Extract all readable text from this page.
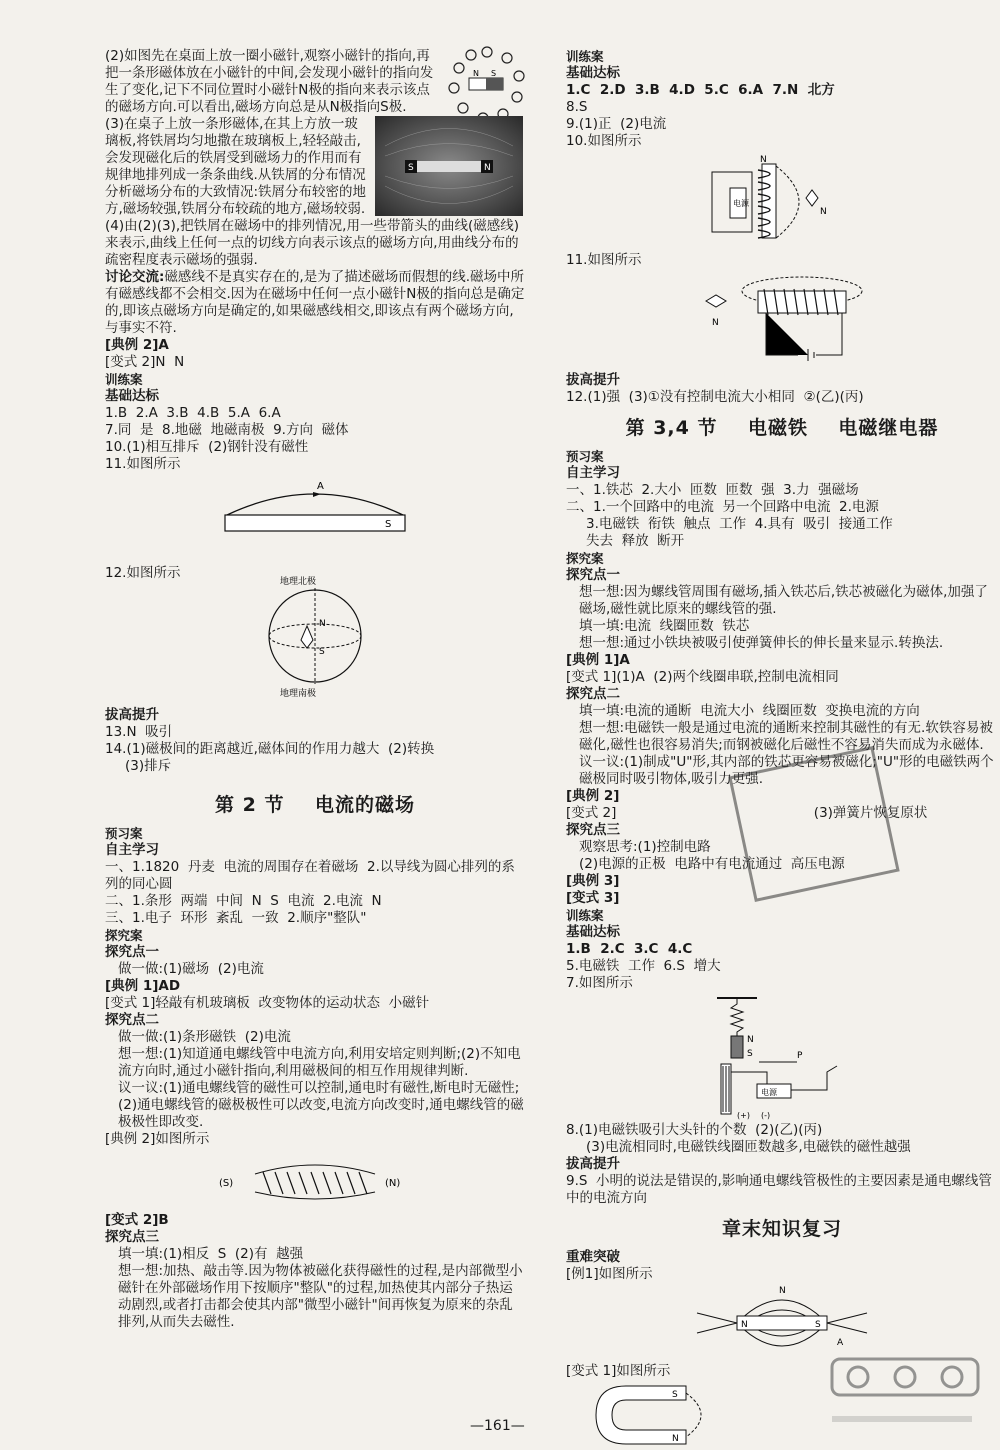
(2)如图先在桌面上放一圈小磁针,观察小磁针的指向,再把一条形磁体放在小磁针的中间,会发现小磁针的指向发生了变化,记下不同位置时小磁针N极的指向来表示该点的磁场方向.可以看出,磁场方向总是从N极指向S极.

N S

(3)在桌子上放一条形磁体,在其上方放一玻璃板,将铁屑均匀地撒在玻璃板上,轻轻敲击,会发现磁化后的铁屑受到磁场力的作用而有规律地排列成一条条曲线.从铁屑的分布情况分析磁场分布的大致情况:铁屑分布较密的地方,磁场较强,铁屑分布较疏的地方,磁场较弱.

S	N

(4)由(2)(3),把铁屑在磁场中的排列情况,用一些带箭头的曲线(磁感线)来表示,曲线上任何一点的切线方向表示该点的磁场方向,用曲线分布的疏密程度表示磁场的强弱.

讨论交流:磁感线不是真实存在的,是为了描述磁场而假想的线.磁场中所有磁感线都不会相交.因为在磁场中任何一点小磁针N极的指向总是确定的,即该点磁场方向是确定的,如果磁感线相交,即该点有两个磁场方向,与事实不符.

[典例 2]A

[变式 2]N  N

训练案

基础达标

1.B  2.A  3.B  4.B  5.A  6.A

7.同  是  8.地磁  地磁南极  9.方向  磁体

10.(1)相互排斥  (2)钢针没有磁性

11.如图所示

A
S

12.如图所示

地理北极
N
S
地理南极

拔高提升

13.N  吸引

14.(1)磁极间的距离越近,磁体间的作用力越大  (2)转换

(3)排斥

第 2 节    电流的磁场

预习案

自主学习

一、1.1820  丹麦  电流的周围存在着磁场  2.以导线为圆心排列的系列的同心圆

二、1.条形  两端  中间  N  S  电流  2.电流  N

三、1.电子  环形  紊乱  一致  2.顺序"整队"

探究案

探究点一

做一做:(1)磁场  (2)电流

[典例 1]AD

[变式 1]轻敲有机玻璃板  改变物体的运动状态  小磁针

探究点二

做一做:(1)条形磁铁  (2)电流

想一想:(1)知道通电螺线管中电流方向,利用安培定则判断;(2)不知电流方向时,通过小磁针指向,利用磁极间的相互作用规律判断.

议一议:(1)通电螺线管的磁性可以控制,通电时有磁性,断电时无磁性;(2)通电螺线管的磁极极性可以改变,电流方向改变时,通电螺线管的磁极极性即改变.

[典例 2]如图所示

(S)	(N)

[变式 2]B

探究点三

填一填:(1)相反  S  (2)有  越强

想一想:加热、敲击等.因为物体被磁化获得磁性的过程,是内部微型小磁针在外部磁场作用下按顺序"整队"的过程,加热使其内部分子热运动剧烈,或者打击都会使其内部"微型小磁针"间再恢复为原来的杂乱排列,从而失去磁性.

训练案

基础达标

1.C  2.D  3.B  4.D  5.C  6.A  7.N  北方

8.S

9.(1)正  (2)电流

10.如图所示

电源
N
N

11.如图所示

N

拔高提升

12.(1)强  (3)①没有控制电流大小相同  ②(乙)(丙)

第 3,4 节    电磁铁    电磁继电器

预习案

自主学习

一、1.铁芯  2.大小  匝数  匝数  强  3.力  强磁场

二、1.一个回路中的电流  另一个回路中电流  2.电源

3.电磁铁  衔铁  触点  工作  4.具有  吸引  接通工作

失去  释放  断开

探究案

探究点一

想一想:因为螺线管周围有磁场,插入铁芯后,铁芯被磁化为磁体,加强了磁场,磁性就比原来的螺线管的强.

填一填:电流  线圈匝数  铁芯

想一想:通过小铁块被吸引使弹簧伸长的伸长量来显示.转换法.

[典例 1]A

[变式 1](1)A  (2)两个线圈串联,控制电流相同

探究点二

填一填:电流的通断  电流大小  线圈匝数  变换电流的方向

想一想:电磁铁一般是通过电流的通断来控制其磁性的有无.软铁容易被磁化,磁性也很容易消失;而钢被磁化后磁性不容易消失而成为永磁体.

议一议:(1)制成"U"形,其内部的铁芯更容易被磁化;"U"形的电磁铁两个磁极同时吸引物体,吸引力更强.

[典例 2]

[变式 2]                                              (3)弹簧片恢复原状

探究点三

观察思考:(1)控制电路

(2)电源的正极  电路中有电流通过  高压电源

[典例 3]

[变式 3]

训练案

基础达标

1.B  2.C  3.C  4.C

5.电磁铁  工作  6.S  增大

7.如图所示

N
S	P
电源
(+) (-)

8.(1)电磁铁吸引大头针的个数  (2)(乙)(丙)

(3)电流相同时,电磁铁线圈匝数越多,电磁铁的磁性越强

拔高提升

9.S  小明的说法是错误的,影响通电螺线管极性的主要因素是通电螺线管中的电流方向

章末知识复习

重难突破

[例1]如图所示

N
N	S
A

[变式 1]如图所示

S
N
—161—
